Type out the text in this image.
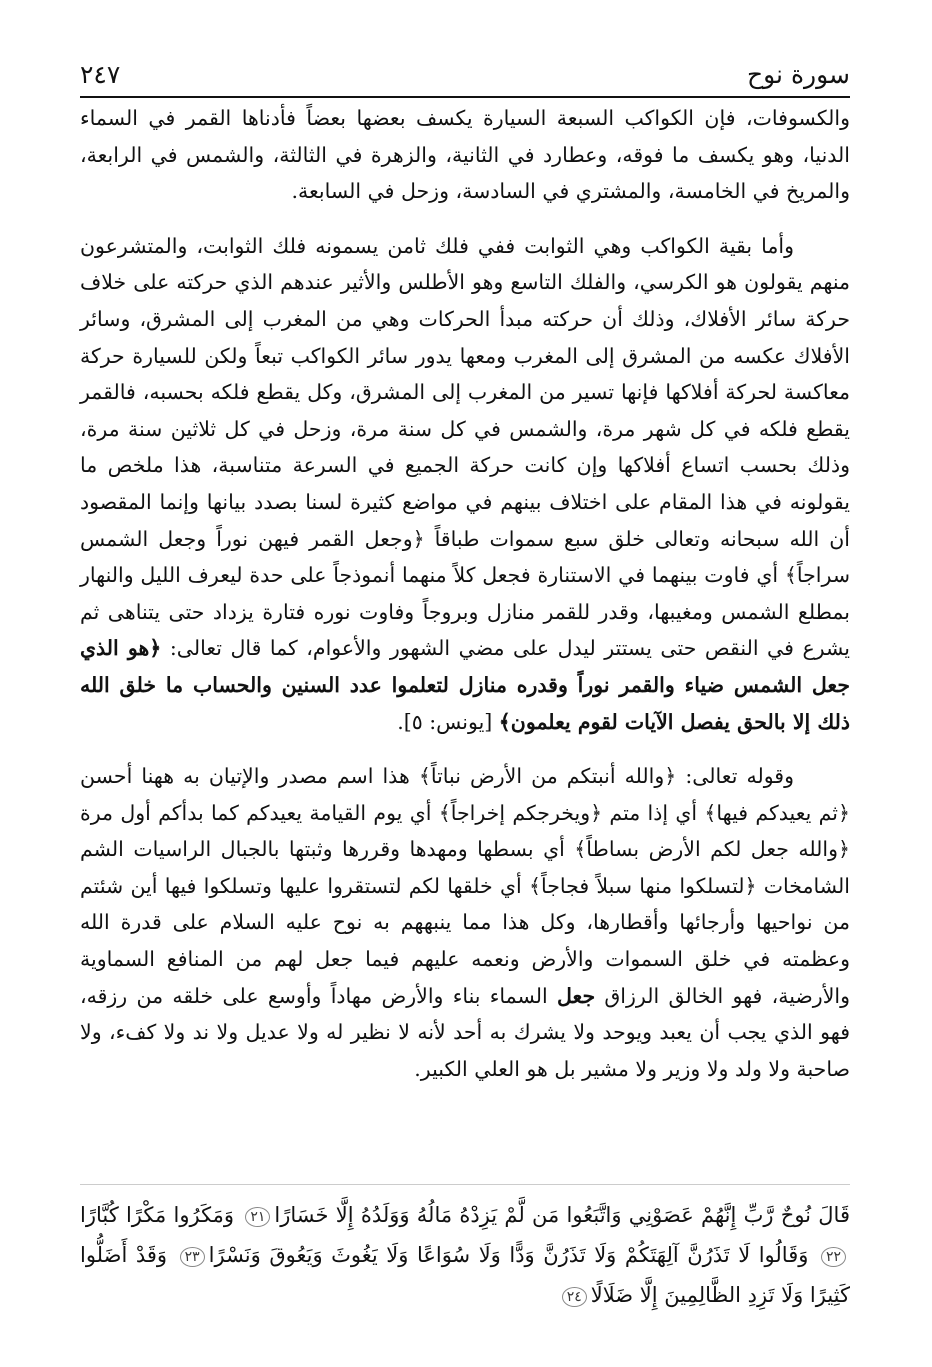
سورة نوح
٢٤٧

والكسوفات، فإن الكواكب السبعة السيارة يكسف بعضها بعضاً فأدناها القمر في السماء الدنيا، وهو يكسف ما فوقه، وعطارد في الثانية، والزهرة في الثالثة، والشمس في الرابعة، والمريخ في الخامسة، والمشتري في السادسة، وزحل في السابعة.

وأما بقية الكواكب وهي الثوابت ففي فلك ثامن يسمونه فلك الثوابت، والمتشرعون منهم يقولون هو الكرسي، والفلك التاسع وهو الأطلس والأثير عندهم الذي حركته على خلاف حركة سائر الأفلاك، وذلك أن حركته مبدأ الحركات وهي من المغرب إلى المشرق، وسائر الأفلاك عكسه من المشرق إلى المغرب ومعها يدور سائر الكواكب تبعاً ولكن للسيارة حركة معاكسة لحركة أفلاكها فإنها تسير من المغرب إلى المشرق، وكل يقطع فلكه بحسبه، فالقمر يقطع فلكه في كل شهر مرة، والشمس في كل سنة مرة، وزحل في كل ثلاثين سنة مرة، وذلك بحسب اتساع أفلاكها وإن كانت حركة الجميع في السرعة متناسبة، هذا ملخص ما يقولونه في هذا المقام على اختلاف بينهم في مواضع كثيرة لسنا بصدد بيانها وإنما المقصود أن الله سبحانه وتعالى خلق سبع سموات طباقاً ﴿وجعل القمر فيهن نوراً وجعل الشمس سراجاً﴾ أي فاوت بينهما في الاستنارة فجعل كلاً منهما أنموذجاً على حدة ليعرف الليل والنهار بمطلع الشمس ومغيبها، وقدر للقمر منازل وبروجاً وفاوت نوره فتارة يزداد حتى يتناهى ثم يشرع في النقص حتى يستتر ليدل على مضي الشهور والأعوام، كما قال تعالى: ﴿هو الذي جعل الشمس ضياء والقمر نوراً وقدره منازل لتعلموا عدد السنين والحساب ما خلق الله ذلك إلا بالحق يفصل الآيات لقوم يعلمون﴾ [يونس: ٥].

وقوله تعالى: ﴿والله أنبتكم من الأرض نباتاً﴾ هذا اسم مصدر والإتيان به ههنا أحسن ﴿ثم يعيدكم فيها﴾ أي إذا متم ﴿ويخرجكم إخراجاً﴾ أي يوم القيامة يعيدكم كما بدأكم أول مرة ﴿والله جعل لكم الأرض بساطاً﴾ أي بسطها ومهدها وقررها وثبتها بالجبال الراسيات الشم الشامخات ﴿لتسلكوا منها سبلاً فجاجاً﴾ أي خلقها لكم لتستقروا عليها وتسلكوا فيها أين شئتم من نواحيها وأرجائها وأقطارها، وكل هذا مما ينبههم به نوح عليه السلام على قدرة الله وعظمته في خلق السموات والأرض ونعمه عليهم فيما جعل لهم من المنافع السماوية والأرضية، فهو الخالق الرزاق جعل السماء بناء والأرض مهاداً وأوسع على خلقه من رزقه، فهو الذي يجب أن يعبد ويوحد ولا يشرك به أحد لأنه لا نظير له ولا عديل ولا ند ولا كفء، ولا صاحبة ولا ولد ولا وزير ولا مشير بل هو العلي الكبير.

قَالَ نُوحٌ رَّبِّ إِنَّهُمْ عَصَوْنِي وَاتَّبَعُوا مَن لَّمْ يَزِدْهُ مَالُهُ وَوَلَدُهُ إِلَّا خَسَارًا٢١ وَمَكَرُوا مَكْرًا كُبَّارًا٢٢ وَقَالُوا لَا تَذَرُنَّ آلِهَتَكُمْ وَلَا تَذَرُنَّ وَدًّا وَلَا سُوَاعًا وَلَا يَغُوثَ وَيَعُوقَ وَنَسْرًا٢٣ وَقَدْ أَضَلُّوا كَثِيرًا وَلَا تَزِدِ الظَّالِمِينَ إِلَّا ضَلَالًا٢٤
